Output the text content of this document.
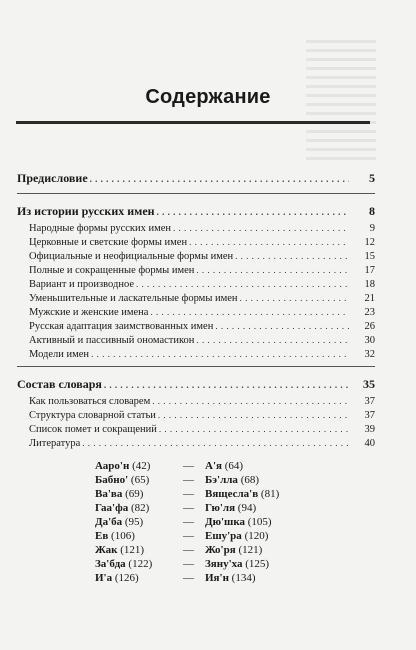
Содержание
Предисловие . . .	5
Из истории русских имен . . .	8
Народные формы русских имен . . .	9
Церковные и светские формы имен . . .	12
Официальные и неофициальные формы имен . . .	15
Полные и сокращенные формы имен . . .	17
Вариант и производное . . .	18
Уменьшительные и ласкательные формы имен . . .	21
Мужские и женские имена . . .	23
Русская адаптация заимствованных имен . . .	26
Активный и пассивный ономастикон . . .	30
Модели имен . . .	32
Состав словаря . . .	35
Как пользоваться словарем . . .	37
Структура словарной статьи . . .	37
Список помет и сокращений . . .	39
Литература . . .	40
Ааро'н (42)	—	А'я (64)
Бабно' (65)	—	Бэ'лла (68)
Ва'ва (69)	—	Вящесла'в (81)
Гаа'фа (82)	—	Гю'ля (94)
Да'ба (95)	—	Дю'шка (105)
Ев (106)	—	Ешу'ра (120)
Жак (121)	—	Жо'ря (121)
За'бда (122)	—	Зяну'ха (125)
И'а (126)	—	Ия'н (134)
